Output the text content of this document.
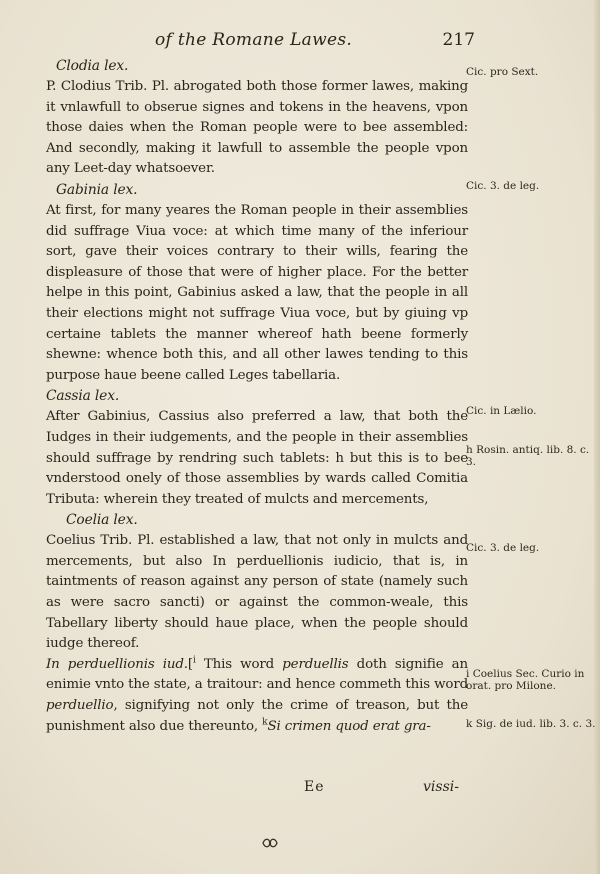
of the Romane Lawes.	217

Clodia lex.

P. Clodius Trib. Pl. abrogated both those former lawes, making it vnlawfull to obserue signes and tokens in the heavens, vpon those daies when the Roman people were to bee assembled: And secondly, making it lawfull to assemble the people vpon any Leet-day whatsoever.

Gabinia lex.

At first, for many yeares the Roman people in their assemblies did suffrage Viua voce: at which time many of the inferiour sort, gave their voices contrary to their wills, fearing the displeasure of those that were of higher place. For the better helpe in this point, Gabinius asked a law, that the people in all their elections might not suffrage Viua voce, but by giuing vp certaine tablets the manner whereof hath beene formerly shewne: whence both this, and all other lawes tending to this purpose haue beene called Leges tabellaria.

Cassia lex.

After Gabinius, Cassius also preferred a law, that both the Iudges in their iudgements, and the people in their assemblies should suffrage by rendring such tablets: h but this is to bee vnderstood onely of those assemblies by wards called Comitia Tributa: wherein they treated of mulcts and mercements,

Coelia lex.

Coelius Trib. Pl. established a law, that not only in mulcts and mercements, but also In perduellionis iudicio, that is, in taintments of reason against any person of state (namely such as were sacro sancti) or against the common-weale, this Tabellary liberty should haue place, when the people should iudge thereof.

In perduellionis iud.[$^i$ This word perduellis doth signifie an enimie vnto the state, a traitour: and hence commeth this word perduellio, signifying not only the crime of treason, but the punishment also due thereunto, $^k$Si crimen quod erat gra-

Cic. pro Sext.
Cic. 3. de leg.
Cic. in Lælio.
h Rosin. antiq. lib. 8. c. 3.
Cic. 3. de leg.
i Coelius Sec. Curio in orat. pro Milone.
k Sig. de iud. lib. 3. c. 3.
Ee	vissi-
